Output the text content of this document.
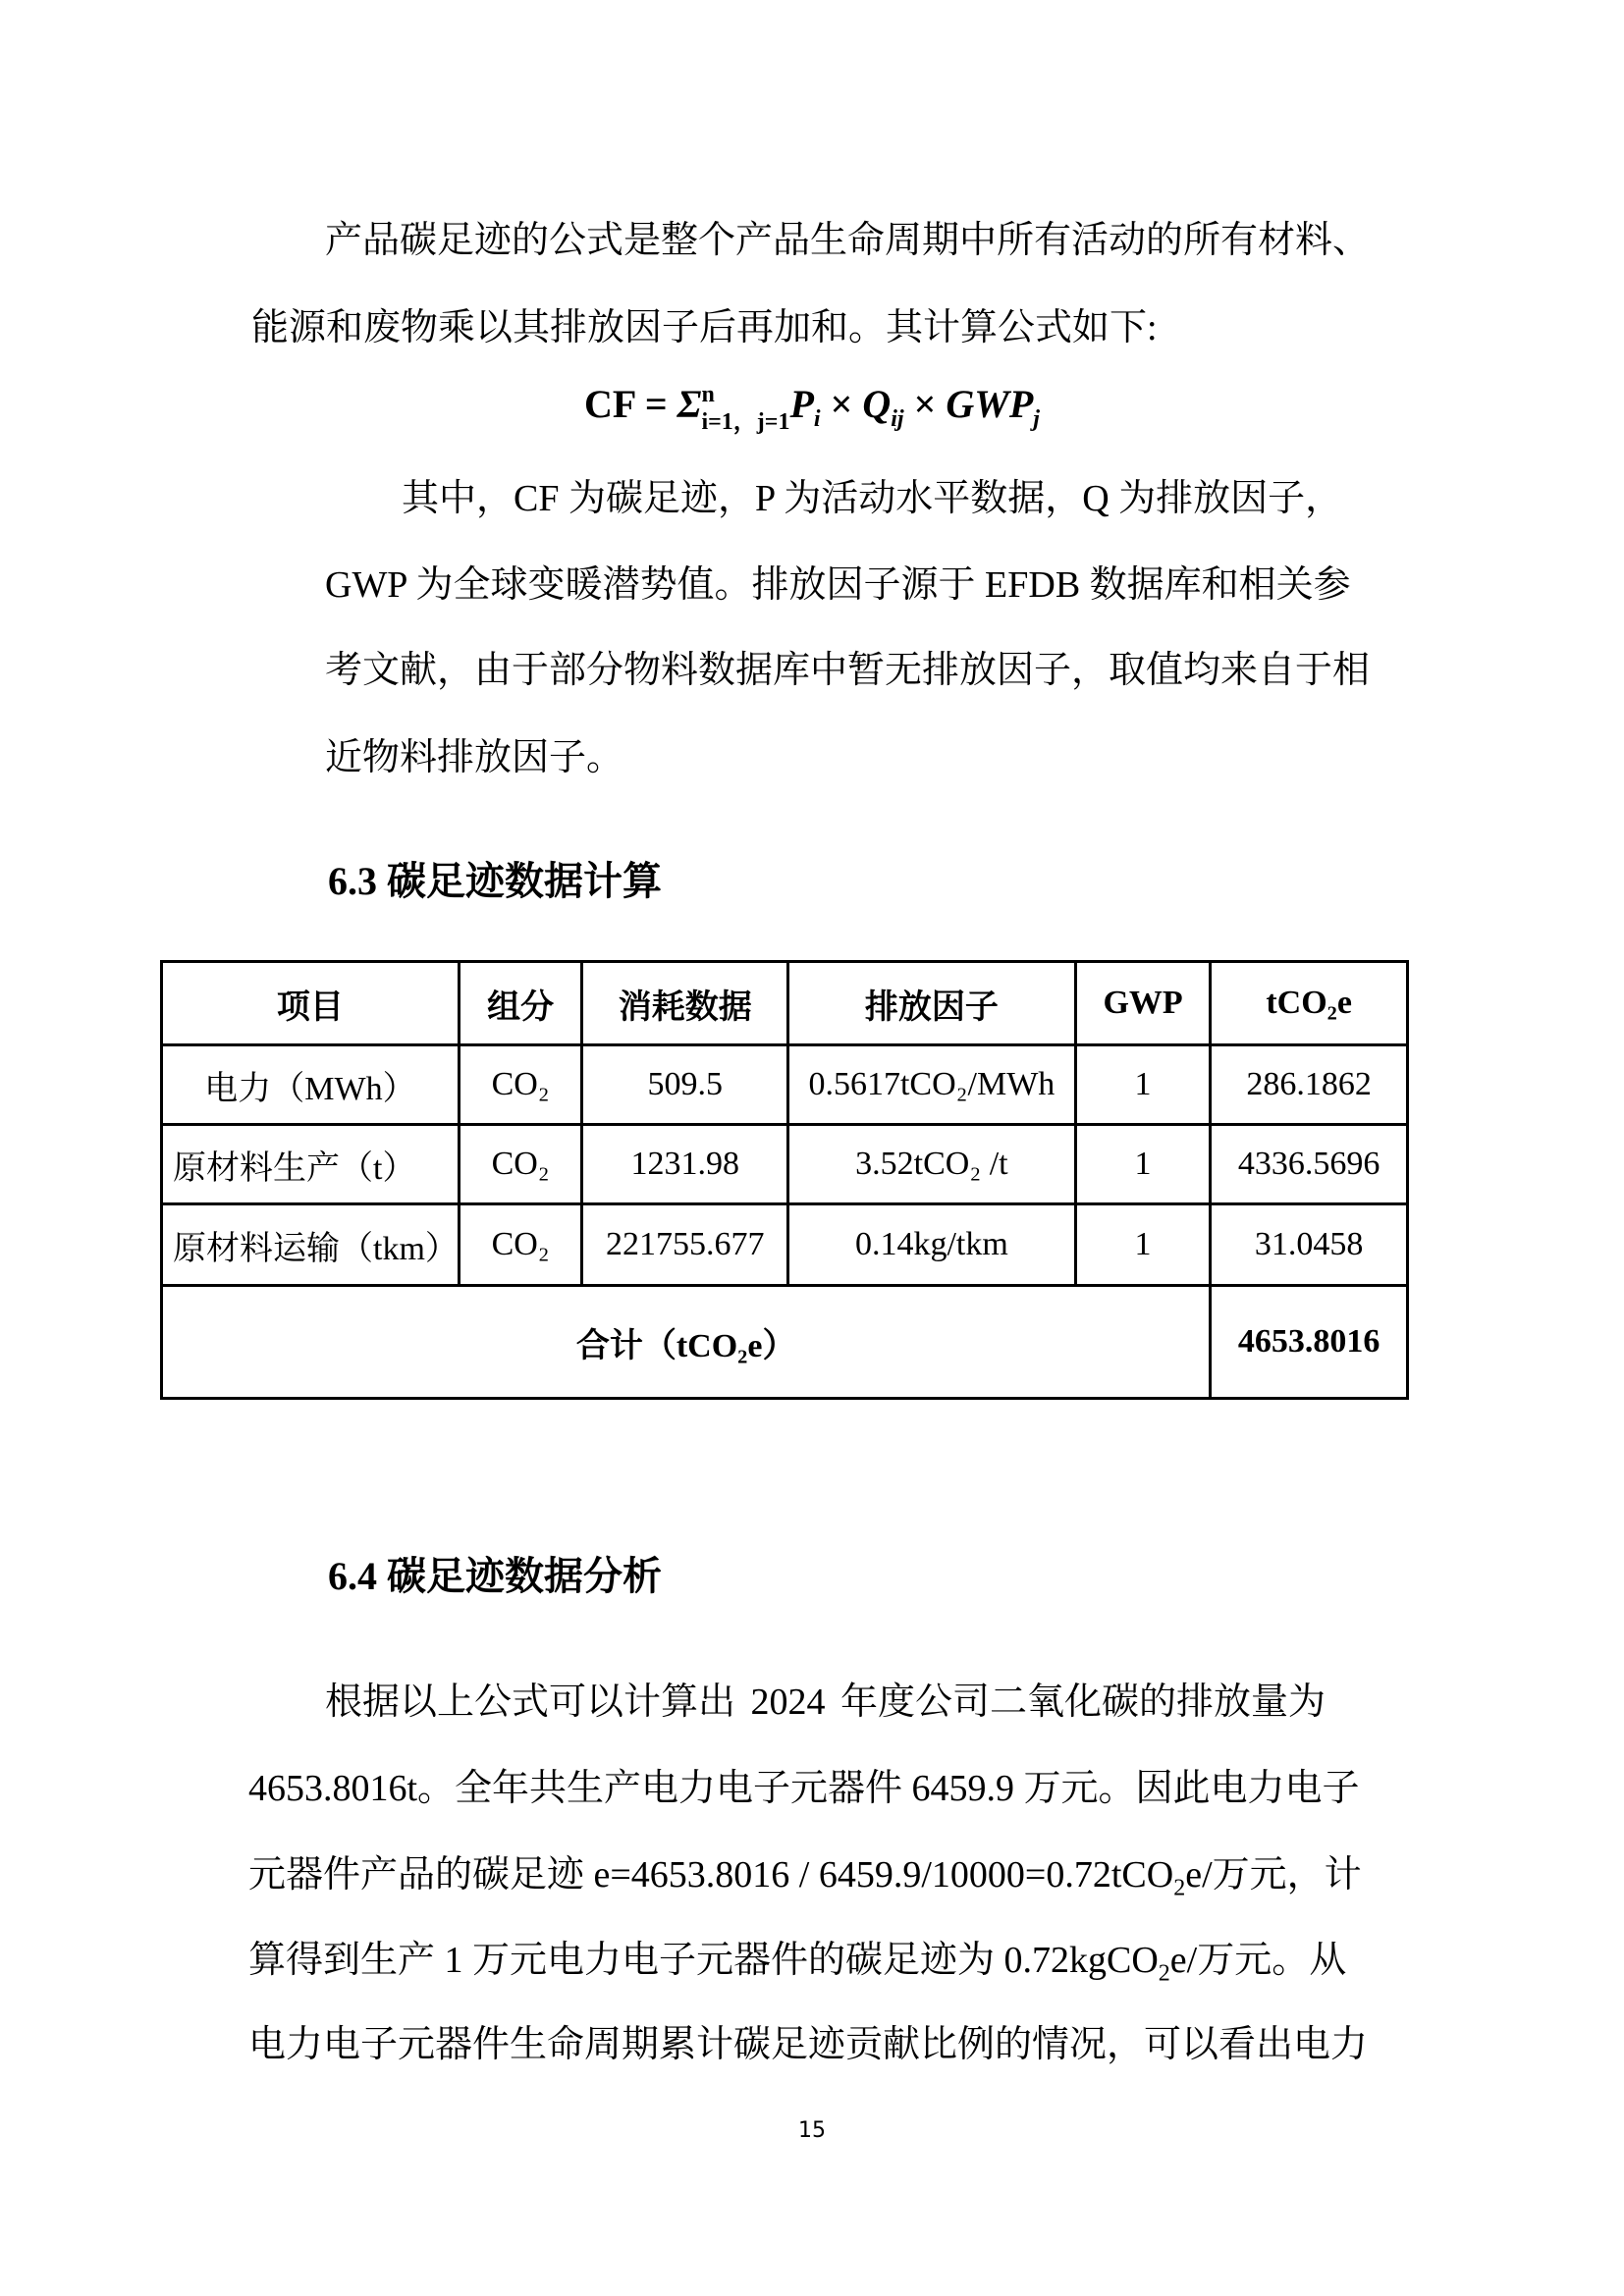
产品碳足迹的公式是整个产品生命周期中所有活动的所有材料、
能源和废物乘以其排放因子后再加和。其计算公式如下:
CF = Σ n
i=1，j=1 $P_i \times Q_{ij} \times GWP_j$
其中，CF 为碳足迹，P 为活动水平数据，Q 为排放因子，
GWP 为全球变暖潜势值。排放因子源于 EFDB 数据库和相关参
考文献，由于部分物料数据库中暂无排放因子，取值均来自于相
近物料排放因子。
6.3 碳足迹数据计算
项目	组分	消耗数据	排放因子	GWP	tCO₂e
电力（MWh）	CO₂	509.5	0.5617tCO₂/MWh	1	286.1862
原材料生产（t）	CO₂	1231.98	3.52tCO₂ /t	1	4336.5696
原材料运输（tkm）	CO₂	221755.677	0.14kg/tkm	1	31.0458
合计（tCO₂e）					4653.8016
6.4 碳足迹数据分析
根据以上公式可以计算出 2024 年度公司二氧化碳的排放量为
4653.8016t。全年共生产电力电子元器件 6459.9 万元。因此电力电子
元器件产品的碳足迹 e=4653.8016 / 6459.9/10000=0.72tCO$_2$e/万元，计
算得到生产 1 万元电力电子元器件的碳足迹为 0.72kgCO$_2$e/万元。从
电力电子元器件生命周期累计碳足迹贡献比例的情况，可以看出电力
15
